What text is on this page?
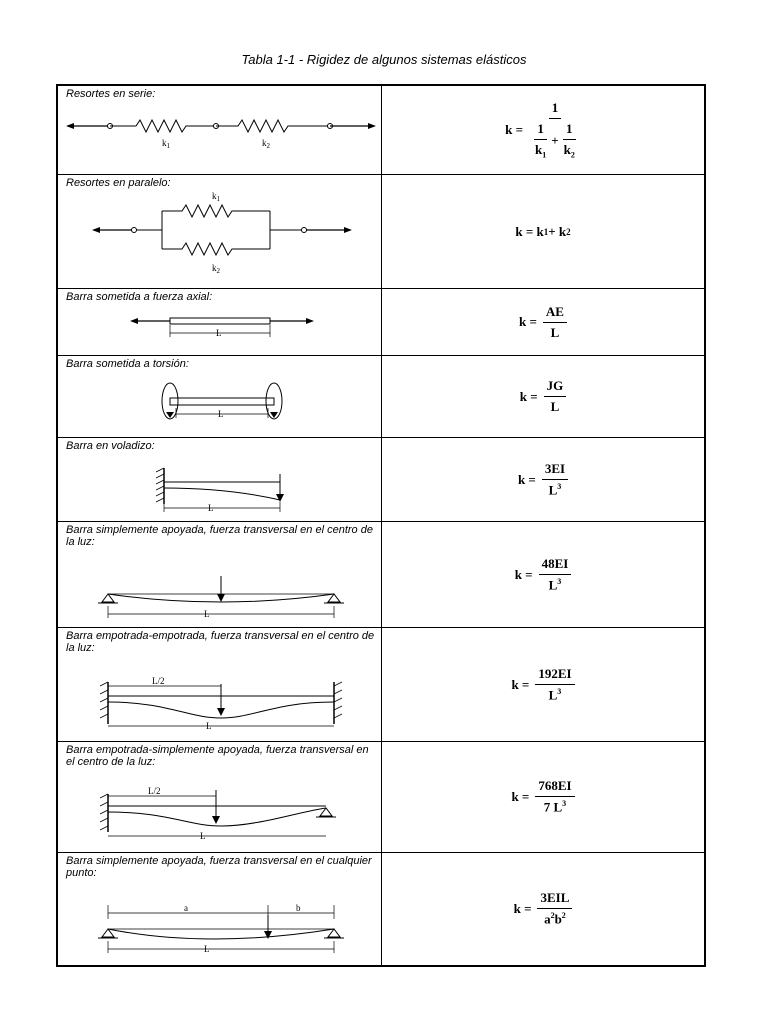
Tabla 1-1 - Rigidez de algunos sistemas elásticos
Resortes en serie:
$k_1$	$k_2$
$k = \frac{1}{\frac{1}{k_1} + \frac{1}{k_2}}$
Resortes en paralelo:
$k_1$
$k_2$
k = k 1 + k 2
Barra sometida a fuerza axial:
L
$k = \frac{AE}{L}$
Barra sometida a torsión:
L
$k = \frac{JG}{L}$
Barra en voladizo:
L
$k = \frac{3EI}{L^3}$
Barra simplemente apoyada, fuerza transversal en el centro de la luz:
L
$k = \frac{48EI}{L^3}$
Barra empotrada-empotrada, fuerza transversal en el centro de la luz:
L/2
L
$k = \frac{192EI}{L^3}$
Barra empotrada-simplemente apoyada, fuerza transversal en el centro de la luz:
L/2
L
$k = \frac{768EI}{7 L^3}$
Barra simplemente apoyada, fuerza transversal en el cualquier punto:
a	b
L
$k = \frac{\text{3EIL}}{a^2b^2}$
